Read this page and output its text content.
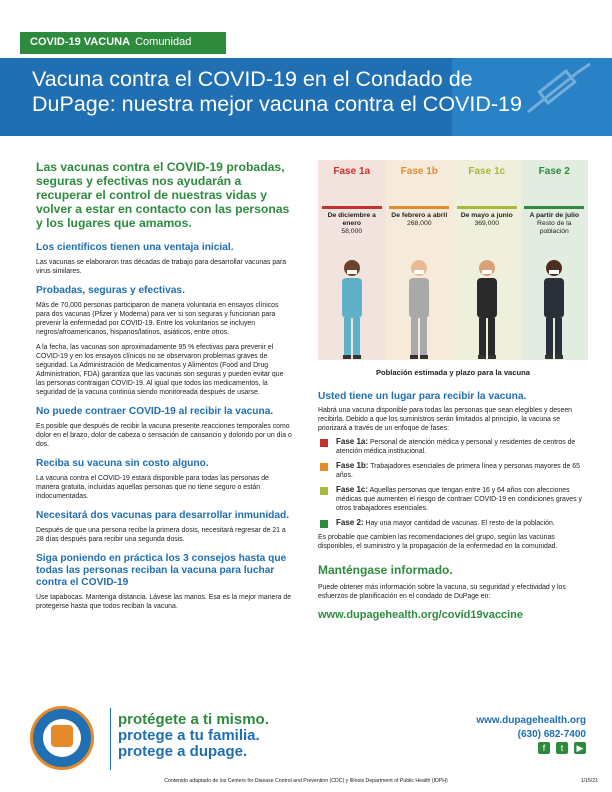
COVID-19 VACUNA Comunidad
Vacuna contra el COVID-19 en el Condado de DuPage: nuestra mejor vacuna contra el COVID-19
Las vacunas contra el COVID-19 probadas, seguras y efectivas nos ayudarán a recuperar el control de nuestras vidas y volver a estar en contacto con las personas y los lugares que amamos.
Los científicos tienen una ventaja inicial.
Las vacunas se elaboraron tras décadas de trabajo para desarrollar vacunas para virus similares.
Probadas, seguras y efectivas.
Más de 70,000 personas participaron de manera voluntaria en ensayos clínicos para dos vacunas (Pfizer y Moderna) para ver si son seguras y funcionan para prevenir la enfermedad por COVID-19. Entre los voluntarios se incluyen negros/afroamericanos, hispanos/latinos, asiáticos, entre otros.
A la fecha, las vacunas son aproximadamente 95 % efectivas para prevenir el COVID-19 y en los ensayos clínicos no se observaron problemas graves de seguridad. La Administración de Medicamentos y Alimentos (Food and Drug Administration, FDA) garantiza que las vacunas son seguras y pueden evitar que las personas contraigan COVID-19. Al igual que todos los medicamentos, la seguridad de la vacuna continúa siendo monitoreada después de usarse.
No puede contraer COVID-19 al recibir la vacuna.
Es posible que después de recibir la vacuna presente reacciones temporales como dolor en el brazo, dolor de cabeza o sensación de cansancio y dolorido por un día o dos.
Reciba su vacuna sin costo alguno.
La vacuna contra el COVID-19 estará disponible para todas las personas de manera gratuita, incluidas aquellas personas que no tiene seguro o están indocumentadas.
Necesitará dos vacunas para desarrollar inmunidad.
Después de que una persona recibe la primera dosis, necesitará regresar de 21 a 28 días después para recibir una segunda dosis.
Siga poniendo en práctica los 3 consejos hasta que todas las personas reciban la vacuna para luchar contra el COVID-19
Use tapabocas. Mantenga distancia. Lávese las manos. Esa es la mejor manera de protegerse hasta que todos reciban la vacuna.
Fase 1a
De diciembre a enero
58,000
Fase 1b
De febrero a abril
268,000
Fase 1c
De mayo a junio
369,000
Fase 2
A partir de julio
Resto de la población
Población estimada y plazo para la vacuna
Usted tiene un lugar para recibir la vacuna.
Habrá una vacuna disponible para todas las personas que sean elegibles y deseen recibirla. Debido a que los suministros serán limitados al principio, la vacuna se priorizará a través de un enfoque de fases:
Fase 1a: Personal de atención médica y personal y residentes de centros de atención médica institucional.
Fase 1b: Trabajadores esenciales de primera línea y personas mayores de 65 años.
Fase 1c: Aquellas personas que tengan entre 16 y 64 años con afecciones médicas que aumenten el riesgo de contraer COVID-19 en condiciones graves y otros trabajadores esenciales.
Fase 2: Hay una mayor cantidad de vacunas. El resto de la población.
Es probable que cambien las recomendaciones del grupo, según las vacunas disponibles, el suministro y la propagación de la enfermedad en la comunidad.
Manténgase informado.
Puede obtener más información sobre la vacuna, su seguridad y efectividad y los esfuerzos de planificación en el condado de DuPage en:
www.dupagehealth.org/covid19vaccine
protégete a ti mismo.
protege a tu familia.
protege a dupage.
www.dupagehealth.org
(630) 682-7400
f	t	▶
Contenido adaptado de los Centers for Disease Control and Prevention (CDC) y Illinois Department of Public Health (IDPH)	1/15/21
